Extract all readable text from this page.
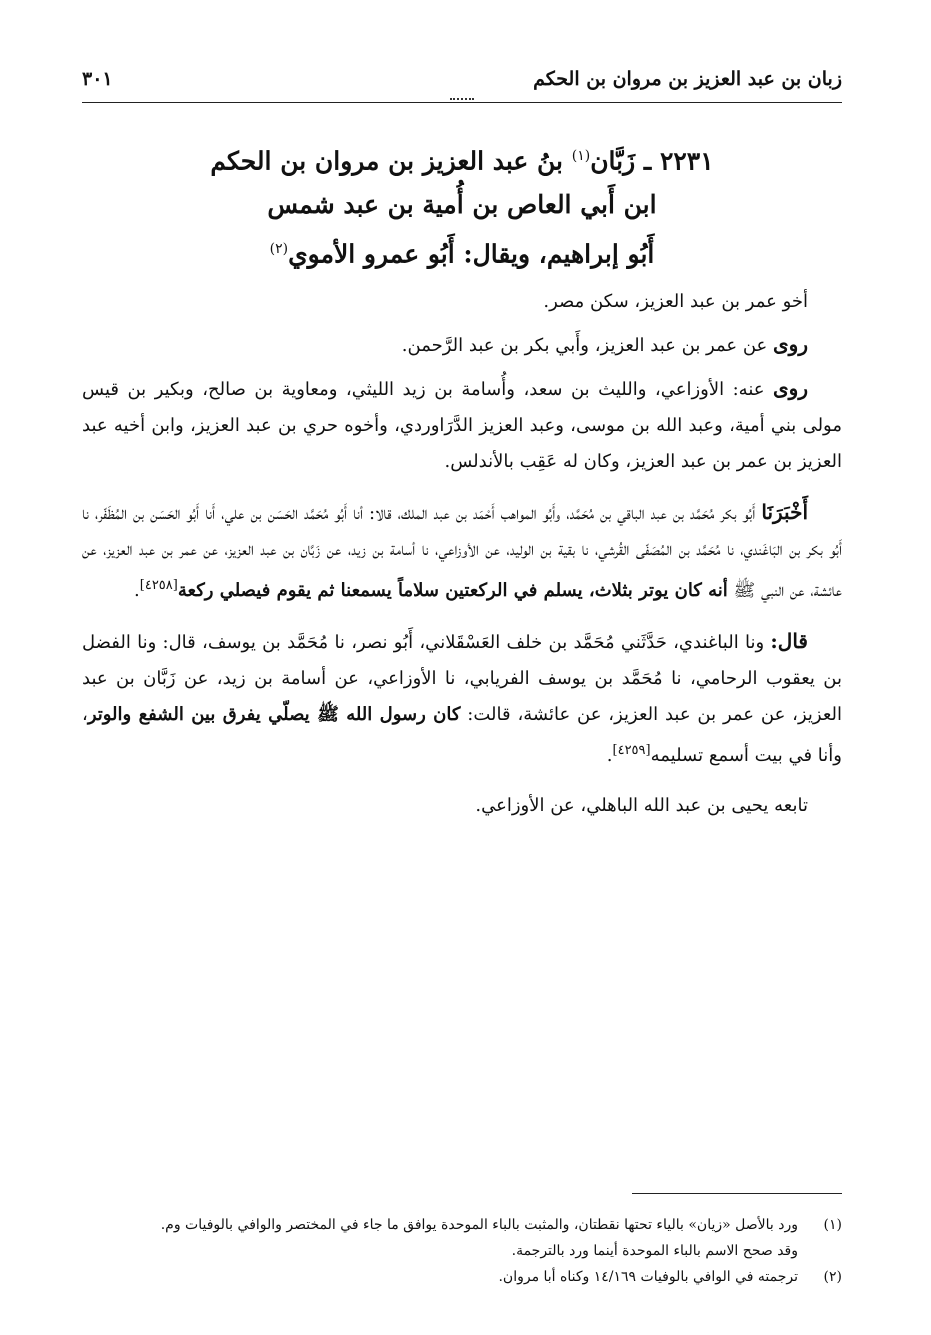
زبان بن عبد العزيز بن مروان بن الحكم
٣٠١
٢٢٣١ ـ زَبَّان$^{(١)}$ بنُ عبد العزيز بن مروان بن الحكم
ابن أَبي العاص بن أُمية بن عبد شمس
أَبُو إبراهيم، ويقال: أَبُو عمرو الأموي$^{(٢)}$

أخو عمر بن عبد العزيز، سكن مصر.

روى عن عمر بن عبد العزيز، وأَبي بكر بن عبد الرَّحمن.

روى عنه: الأوزاعي، والليث بن سعد، وأُسامة بن زيد الليثي، ومعاوية بن صالح، وبكير بن قيس مولى بني أمية، وعبد الله بن موسى، وعبد العزيز الدَّرَاوردي، وأخوه حري بن عبد العزيز، وابن أخيه عبد العزيز بن عمر بن عبد العزيز، وكان له عَقِب بالأندلس.

أَخْبَرَنَا أَبُو بكر مُحَمَّد بن عبد الباقي بن مُحَمَّد، وأَبُو المواهب أَحْمَد بن عبد الملك، قالا: أنا أَبُو مُحَمَّد الحَسَن بن علي، أَنا أَبُو الحَسَن بن المُظَفّر، نا أَبُو بكر بن البَاغَندي، نا مُحَمَّد بن المُصَفّى القُرشي، نا بقية بن الوليد، عن الأوزاعي، نا أسامة بن زيد، عن زَبَّان بن عبد العزيز، عن عمر بن عبد العزيز، عن عائشة، عن النبي ﷺ أنه كان يوتر بثلاث، يسلم في الركعتين سلاماً يسمعنا ثم يقوم فيصلي ركعة[٤٢٥٨].

قال: ونا الباغندي، حَدَّثَني مُحَمَّد بن خلف العَسْقَلاني، أَبُو نصر، نا مُحَمَّد بن يوسف، قال: ونا الفضل بن يعقوب الرحامي، نا مُحَمَّد بن يوسف الفريابي، نا الأوزاعي، عن أسامة بن زيد، عن زَبَّان بن عبد العزيز، عن عمر بن عبد العزيز، عن عائشة، قالت: كان رسول الله ﷺ يصلّي يفرق بين الشفع والوتر، وأنا في بيت أسمع تسليمه[٤٢٥٩].

تابعه يحيى بن عبد الله الباهلي، عن الأوزاعي.

(١)
ورد بالأصل «زيان» بالياء تحتها نقطتان، والمثبت بالباء الموحدة يوافق ما جاء في المختصر والوافي بالوفيات وم.
وقد صحح الاسم بالباء الموحدة أينما ورد بالترجمة.
(٢)
ترجمته في الوافي بالوفيات ١٤/١٦٩ وكناه أبا مروان.
